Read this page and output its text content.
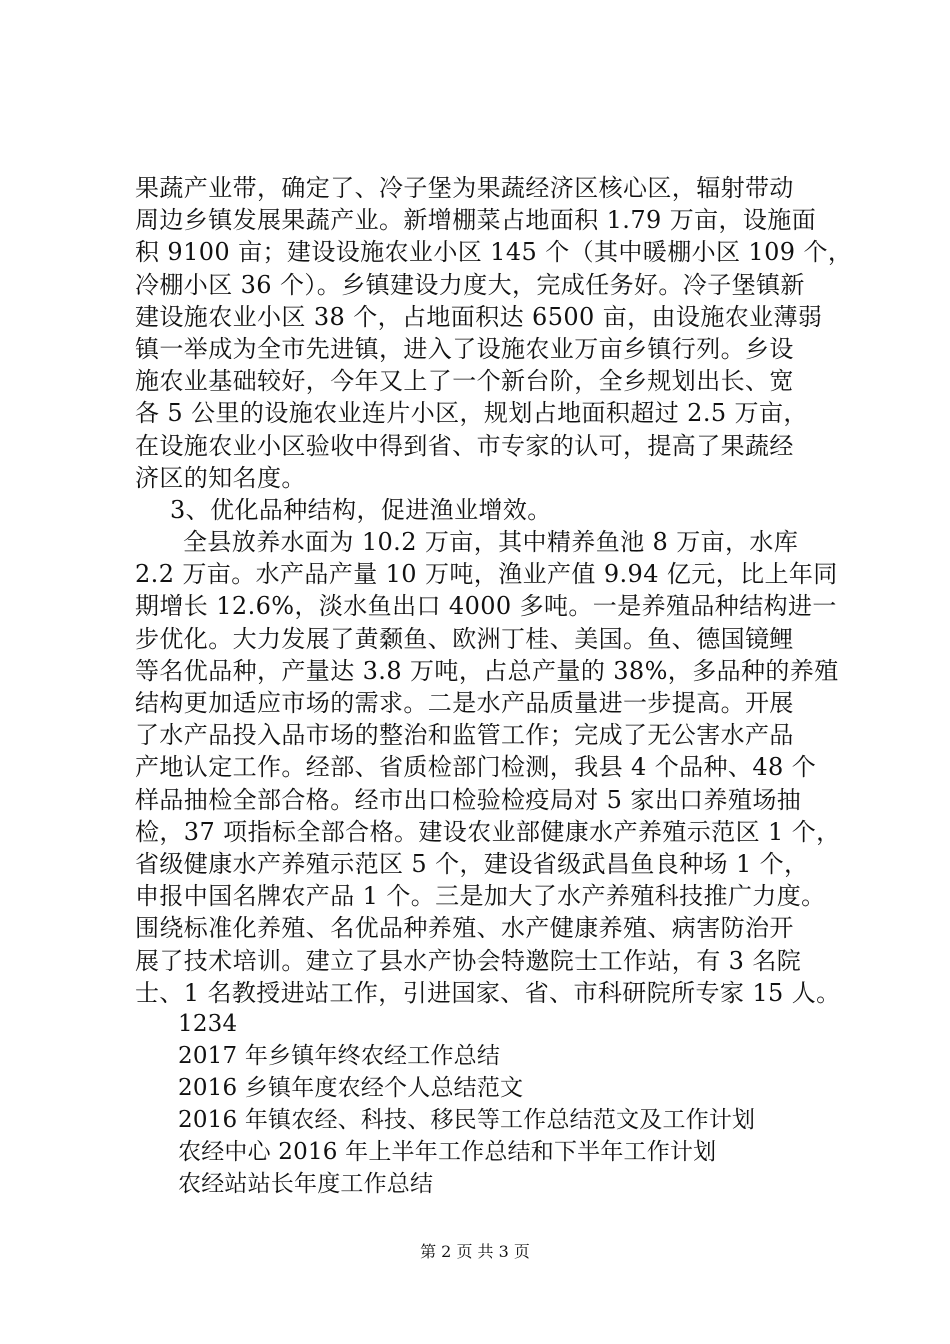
果蔬产业带，确定了、冷子堡为果蔬经济区核心区，辐射带动
周边乡镇发展果蔬产业。新增棚菜占地面积 1.79 万亩，设施面
积 9100 亩；建设设施农业小区 145 个（其中暖棚小区 109 个，
冷棚小区 36 个）。乡镇建设力度大，完成任务好。冷子堡镇新
建设施农业小区 38 个，占地面积达 6500 亩，由设施农业薄弱
镇一举成为全市先进镇，进入了设施农业万亩乡镇行列。乡设
施农业基础较好，今年又上了一个新台阶，全乡规划出长、宽
各 5 公里的设施农业连片小区，规划占地面积超过 2.5 万亩，
在设施农业小区验收中得到省、市专家的认可，提高了果蔬经
济区的知名度。
3、优化品种结构，促进渔业增效。
全县放养水面为 10.2 万亩，其中精养鱼池 8 万亩，水库
2.2 万亩。水产品产量 10 万吨，渔业产值 9.94 亿元，比上年同
期增长 12.6%，淡水鱼出口 4000 多吨。一是养殖品种结构进一
步优化。大力发展了黄颡鱼、欧洲丁桂、美国。鱼、德国镜鲤
等名优品种，产量达 3.8 万吨，占总产量的 38%，多品种的养殖
结构更加适应市场的需求。二是水产品质量进一步提高。开展
了水产品投入品市场的整治和监管工作；完成了无公害水产品
产地认定工作。经部、省质检部门检测，我县 4 个品种、48 个
样品抽检全部合格。经市出口检验检疫局对 5 家出口养殖场抽
检，37 项指标全部合格。建设农业部健康水产养殖示范区 1 个，
省级健康水产养殖示范区 5 个，建设省级武昌鱼良种场 1 个，
申报中国名牌农产品 1 个。三是加大了水产养殖科技推广力度。
围绕标准化养殖、名优品种养殖、水产健康养殖、病害防治开
展了技术培训。建立了县水产协会特邀院士工作站，有 3 名院
士、1 名教授进站工作，引进国家、省、市科研院所专家 15 人。
1234
2017 年乡镇年终农经工作总结
2016 乡镇年度农经个人总结范文
2016 年镇农经、科技、移民等工作总结范文及工作计划
农经中心 2016 年上半年工作总结和下半年工作计划
农经站站长年度工作总结
第 2 页 共 3 页
